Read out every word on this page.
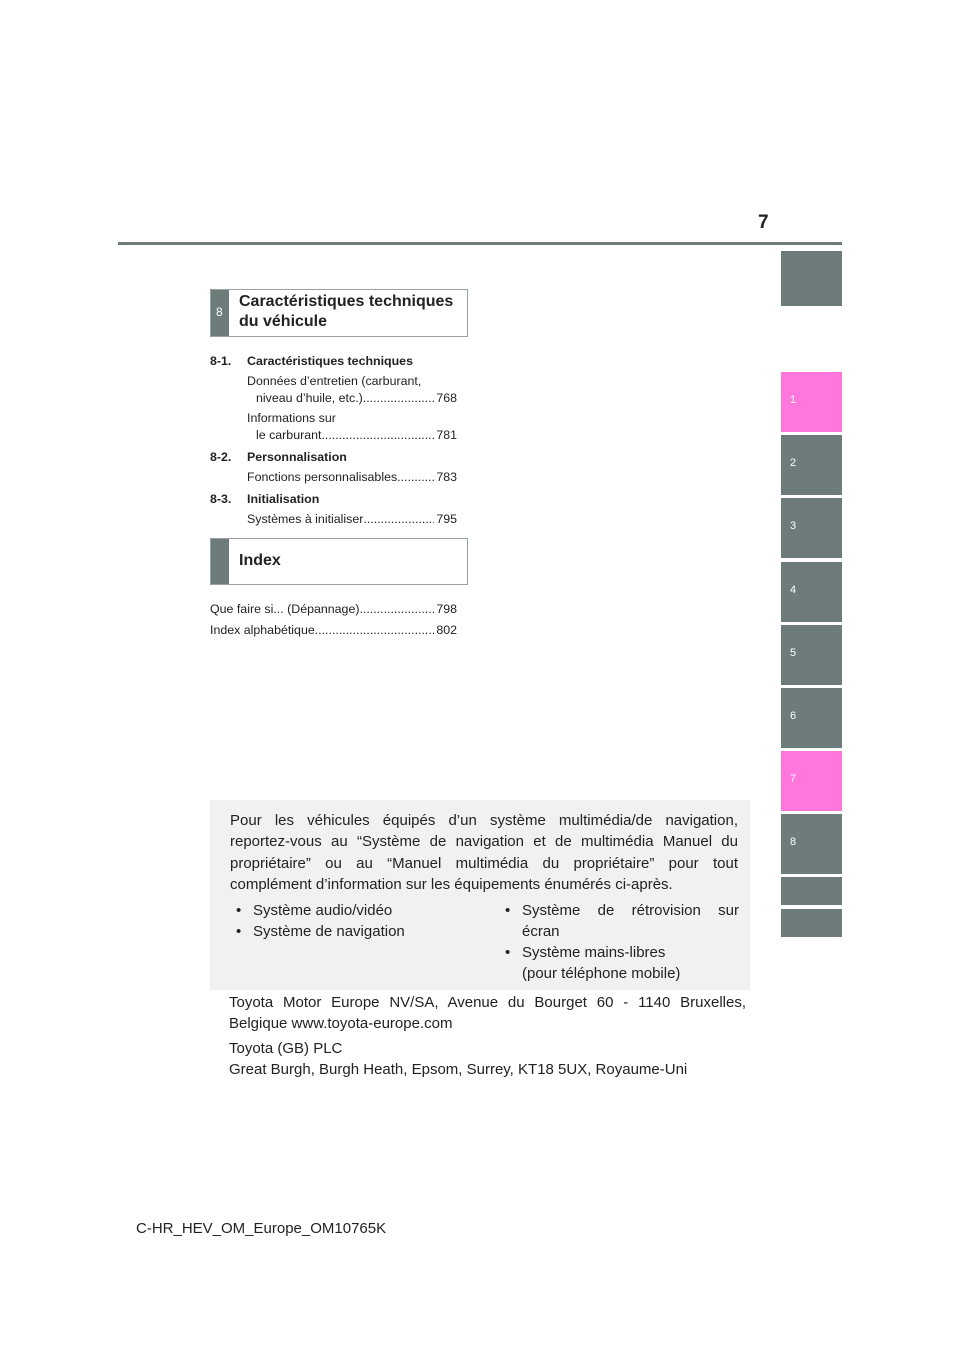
7
1
2
3
4
5
6
7
8
8
Caractéristiques techniques
du véhicule
8-1. Caractéristiques techniques
Données d’entretien (carburant,
niveau d’huile, etc.) .....	768
Informations sur
le carburant .....	781
8-2. Personnalisation
Fonctions personnalisables .....	783
8-3. Initialisation
Systèmes à initialiser .....	795
Index
Que faire si... (Dépannage) .....	798
Index alphabétique .....	802
Pour les véhicules équipés d’un système multimédia/de navigation, reportez-vous au “Système de navigation et de multimédia Manuel du propriétaire” ou au “Manuel multimédia du propriétaire” pour tout complément d’information sur les équipements énumérés ci-après.
• Système audio/vidéo
• Système de navigation
• Système de rétrovision sur
écran
• Système mains-libres
(pour téléphone mobile)
Toyota Motor Europe NV/SA, Avenue du Bourget 60 - 1140 Bruxelles, Belgique www.toyota-europe.com
Toyota (GB) PLC
Great Burgh, Burgh Heath, Epsom, Surrey, KT18 5UX, Royaume-Uni
C-HR_HEV_OM_Europe_OM10765K
